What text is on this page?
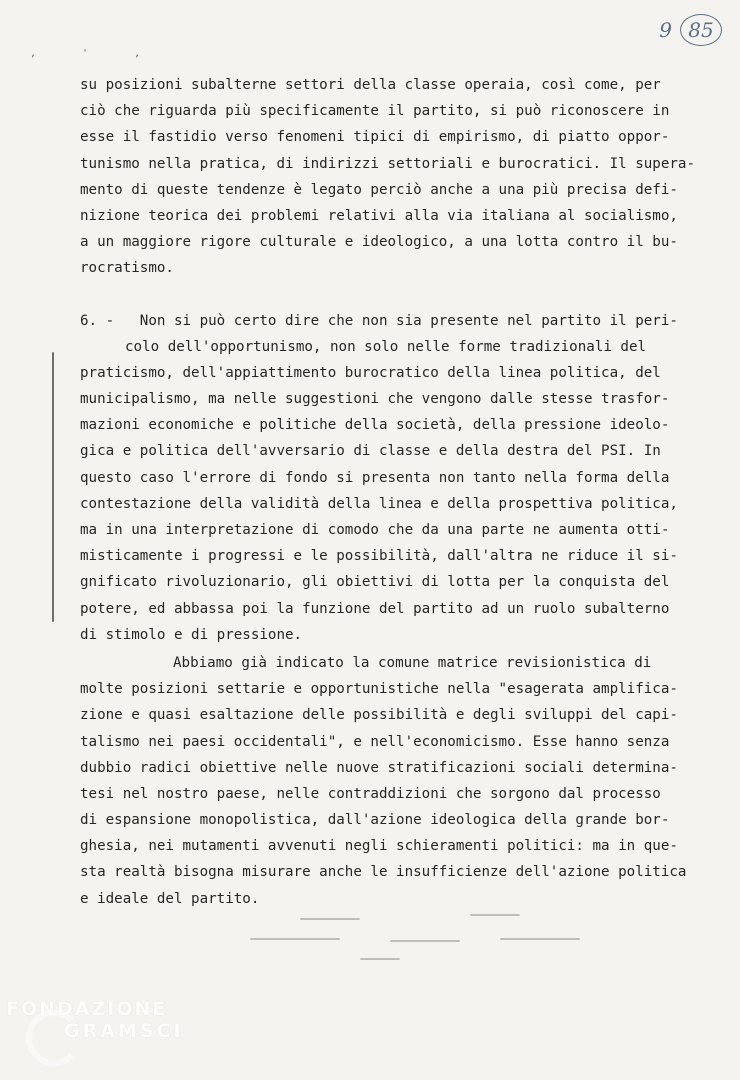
9 85
, ' ,
su posizioni subalterne settori della classe operaia, così come, per
ciò che riguarda più specificamente il partito, si può riconoscere in
esse il fastidio verso fenomeni tipici di empirismo, di piatto oppor-
tunismo nella pratica, di indirizzi settoriali e burocratici. Il supera-
mento di queste tendenze è legato perciò anche a una più precisa defi-
nizione teorica dei problemi relativi alla via italiana al socialismo,
a un maggiore rigore culturale e ideologico, a una lotta contro il bu-
rocratismo.
6. - Non si può certo dire che non sia presente nel partito il peri-
colo dell'opportunismo, non solo nelle forme tradizionali del
praticismo, dell'appiattimento burocratico della linea politica, del
municipalismo, ma nelle suggestioni che vengono dalle stesse trasfor-
mazioni economiche e politiche della società, della pressione ideolo-
gica e politica dell'avversario di classe e della destra del PSI. In
questo caso l'errore di fondo si presenta non tanto nella forma della
contestazione della validità della linea e della prospettiva politica,
ma in una interpretazione di comodo che da una parte ne aumenta otti-
misticamente i progressi e le possibilità, dall'altra ne riduce il si-
gnificato rivoluzionario, gli obiettivi di lotta per la conquista del
potere, ed abbassa poi la funzione del partito ad un ruolo subalterno
di stimolo e di pressione.
Abbiamo già indicato la comune matrice revisionistica di
molte posizioni settarie e opportunistiche nella "esagerata amplifica-
zione e quasi esaltazione delle possibilità e degli sviluppi del capi-
talismo nei paesi occidentali", e nell'economicismo. Esse hanno senza
dubbio radici obiettive nelle nuove stratificazioni sociali determina-
tesi nel nostro paese, nelle contraddizioni che sorgono dal processo
di espansione monopolistica, dall'azione ideologica della grande bor-
ghesia, nei mutamenti avvenuti negli schieramenti politici: ma in que-
sta realtà bisogna misurare anche le insufficienze dell'azione politica
e ideale del partito.
FONDAZIONE
GRAMSCI
